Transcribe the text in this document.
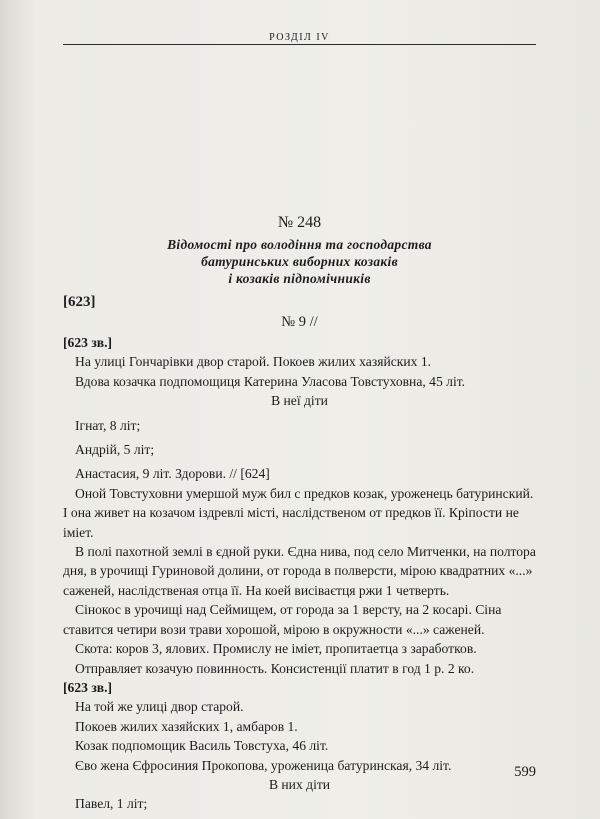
РОЗДІЛ IV
№ 248
Відомості про володіння та господарства
батуринських виборних козаків
і козаків підпомічників
[623]
№ 9 //

[623 зв.]

На улиці Гончарівки двор старой. Покоев жилих хазяйских 1.

Вдова козачка подпомощиця Катерина Уласова Товстуховна, 45 літ.

В неї діти

Ігнат, 8 літ;

Андрій, 5 літ;

Анастасия, 9 літ. Здорови. // [624]

Оной Товстуховни умершой муж бил с предков козак, уроженець батуринский. І она живет на козачом іздревлі місті, наслідственом от предков її. Кріпости не іміет.

В полі пахотной землі в єдной руки. Єдна нива, под село Митченки, на полтора дня, в урочищі Гуриновой долини, от города в полверсти, мірою квадратних «...» саженей, наслідственая отца її. На коей висіваєтця ржи 1 четверть.

Сінокос в урочищі над Сеймищем, от города за 1 версту, на 2 косарі. Сіна ставится четири вози трави хорошой, мірою в окружности «...» саженей.

Скота: коров 3, ялових. Промислу не іміет, пропитаетца з заработков.

Отправляет козачую повинность. Консистенції платит в год 1 р. 2 ко.

[623 зв.]

На той же улиці двор старой.

Покоев жилих хазяйских 1, амбаров 1.

Козак подпомощик Василь Товстуха, 46 літ.

Єво жена Єфросиния Прокопова, уроженица батуринская, 34 літ.

В них діти

Павел, 1 літ;

599
